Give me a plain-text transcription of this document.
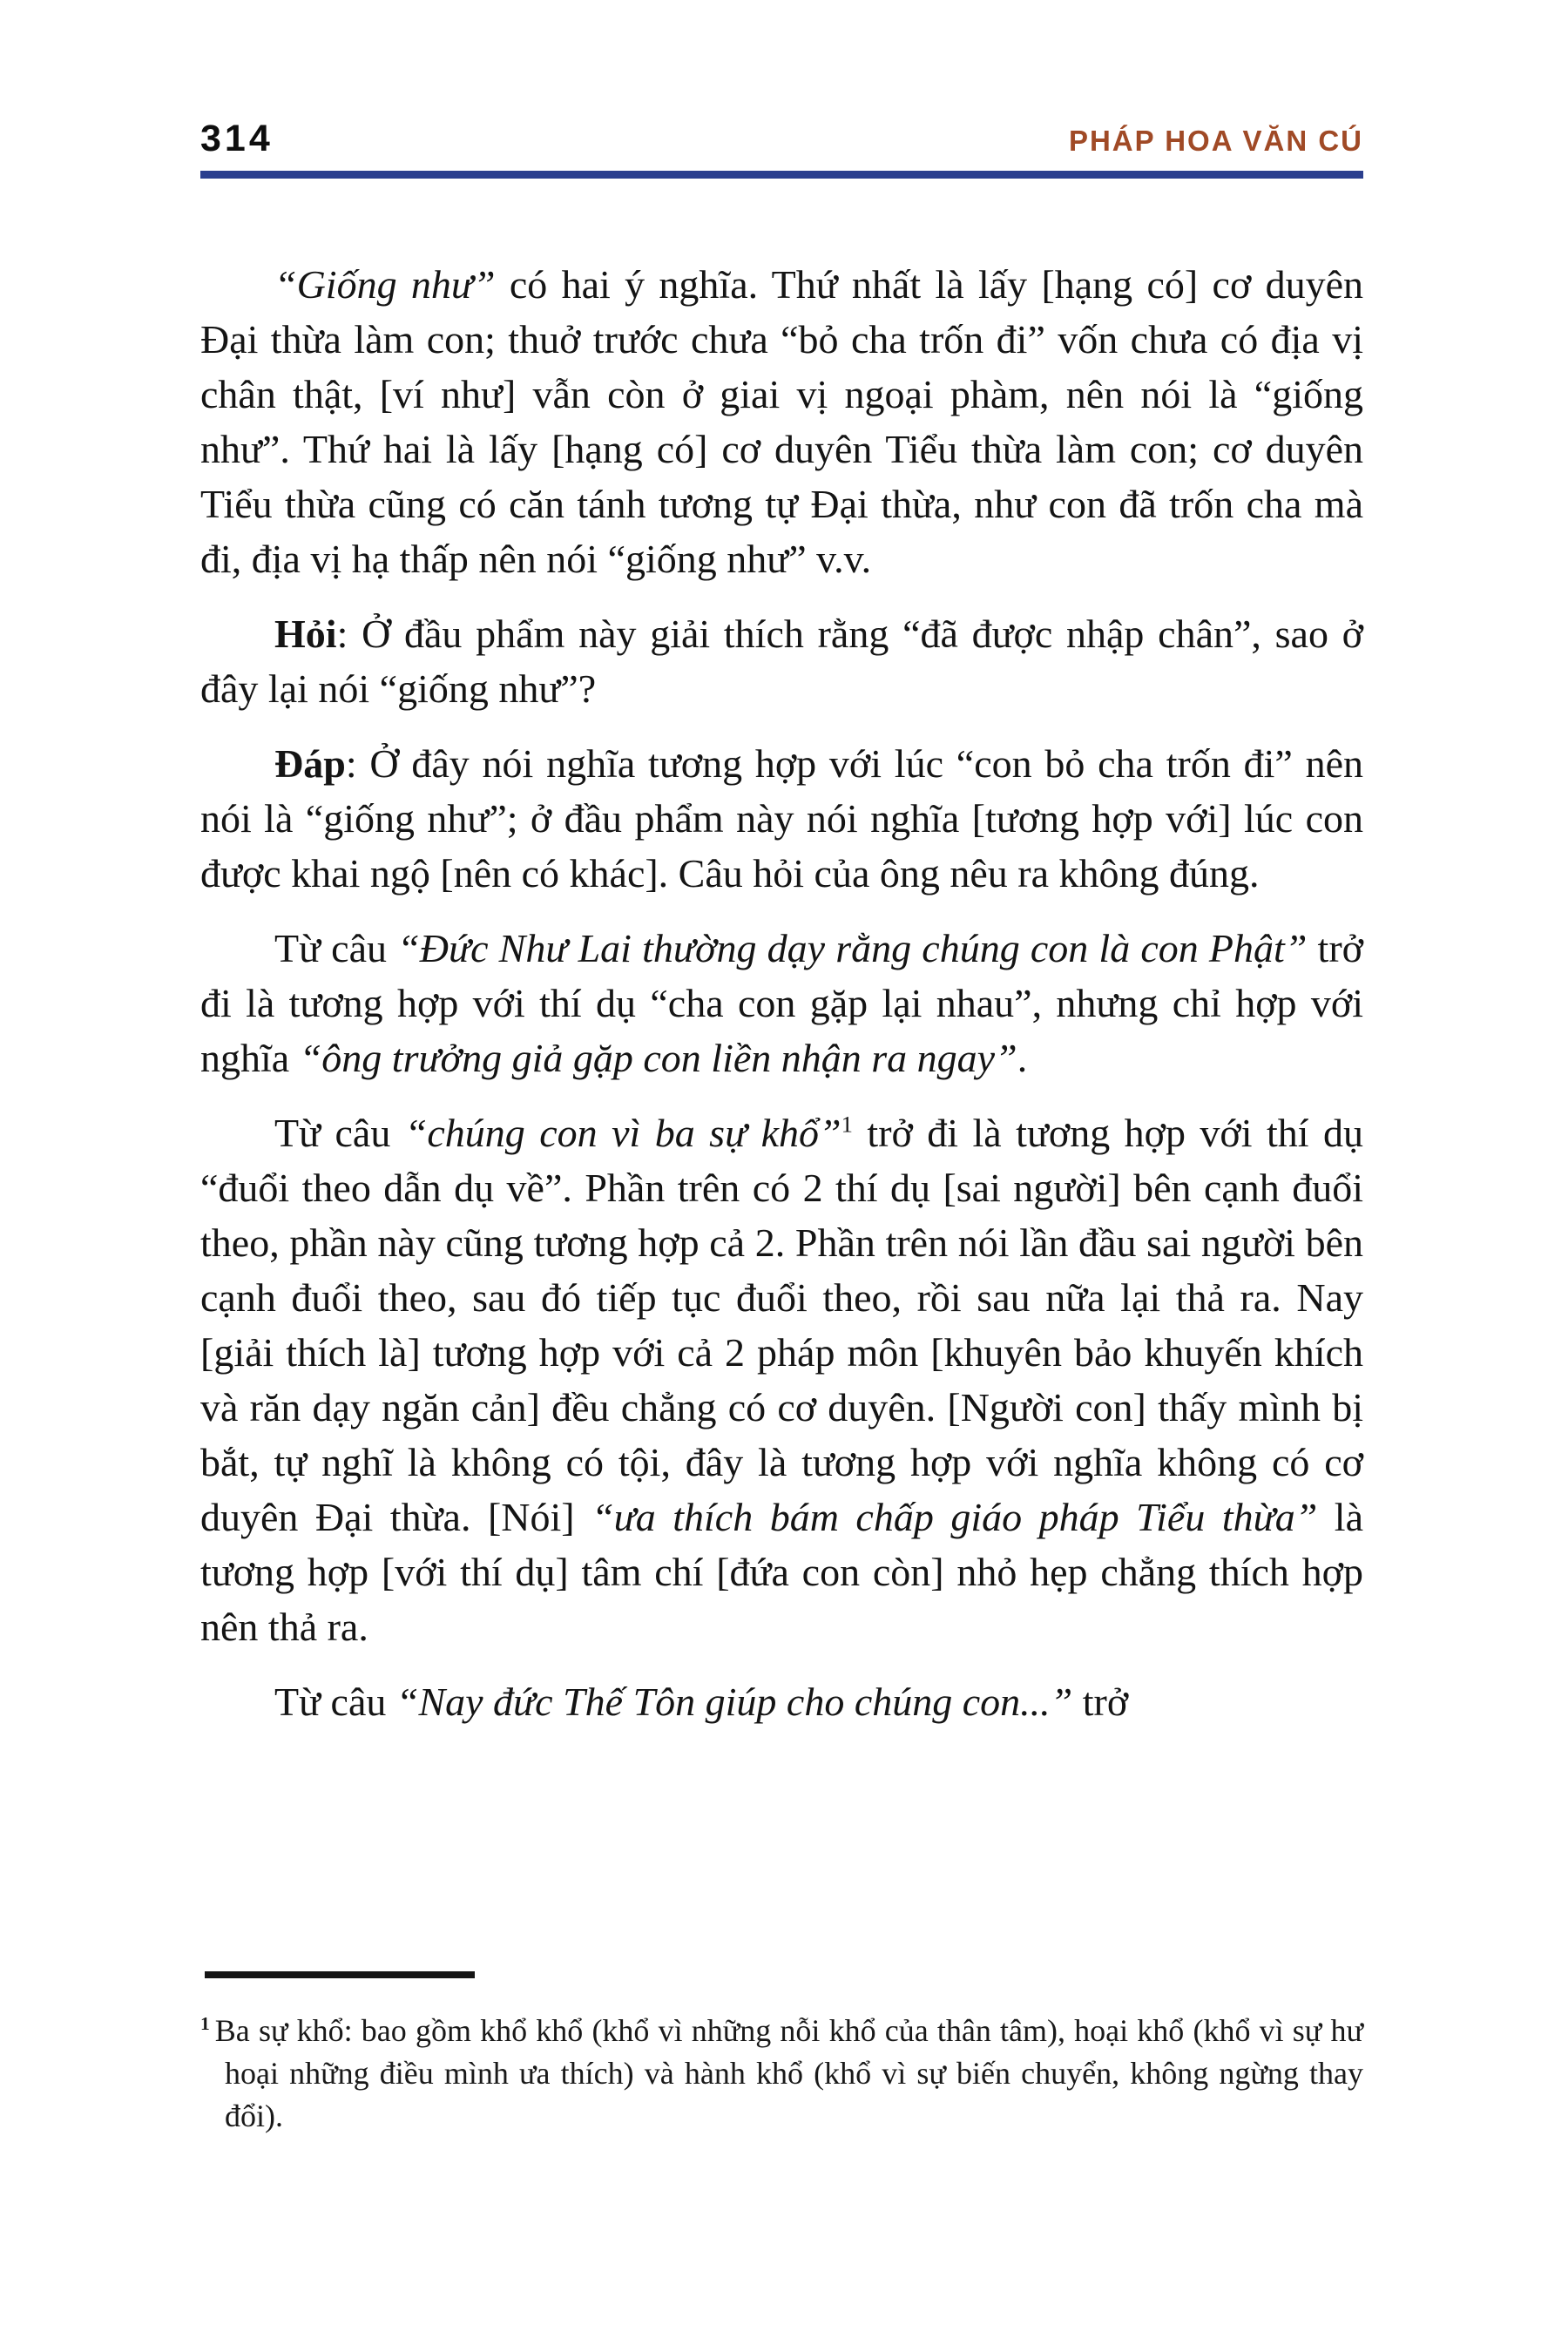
314	PHÁP HOA VĂN CÚ

“Giống như” có hai ý nghĩa. Thứ nhất là lấy [hạng có] cơ duyên Đại thừa làm con; thuở trước chưa “bỏ cha trốn đi” vốn chưa có địa vị chân thật, [ví như] vẫn còn ở giai vị ngoại phàm, nên nói là “giống như”. Thứ hai là lấy [hạng có] cơ duyên Tiểu thừa làm con; cơ duyên Tiểu thừa cũng có căn tánh tương tự Đại thừa, như con đã trốn cha mà đi, địa vị hạ thấp nên nói “giống như” v.v.

Hỏi: Ở đầu phẩm này giải thích rằng “đã được nhập chân”, sao ở đây lại nói “giống như”?

Đáp: Ở đây nói nghĩa tương hợp với lúc “con bỏ cha trốn đi” nên nói là “giống như”; ở đầu phẩm này nói nghĩa [tương hợp với] lúc con được khai ngộ [nên có khác]. Câu hỏi của ông nêu ra không đúng.

Từ câu “Đức Như Lai thường dạy rằng chúng con là con Phật” trở đi là tương hợp với thí dụ “cha con gặp lại nhau”, nhưng chỉ hợp với nghĩa “ông trưởng giả gặp con liền nhận ra ngay”.

Từ câu “chúng con vì ba sự khổ”$^1$ trở đi là tương hợp với thí dụ “đuổi theo dẫn dụ về”. Phần trên có 2 thí dụ [sai người] bên cạnh đuổi theo, phần này cũng tương hợp cả 2. Phần trên nói lần đầu sai người bên cạnh đuổi theo, sau đó tiếp tục đuổi theo, rồi sau nữa lại thả ra. Nay [giải thích là] tương hợp với cả 2 pháp môn [khuyên bảo khuyến khích và răn dạy ngăn cản] đều chẳng có cơ duyên. [Người con] thấy mình bị bắt, tự nghĩ là không có tội, đây là tương hợp với nghĩa không có cơ duyên Đại thừa. [Nói] “ưa thích bám chấp giáo pháp Tiểu thừa” là tương hợp [với thí dụ] tâm chí [đứa con còn] nhỏ hẹp chẳng thích hợp nên thả ra.

Từ câu “Nay đức Thế Tôn giúp cho chúng con...” trở

$^1$ Ba sự khổ: bao gồm khổ khổ (khổ vì những nỗi khổ của thân tâm), hoại khổ (khổ vì sự hư hoại những điều mình ưa thích) và hành khổ (khổ vì sự biến chuyển, không ngừng thay đổi).
